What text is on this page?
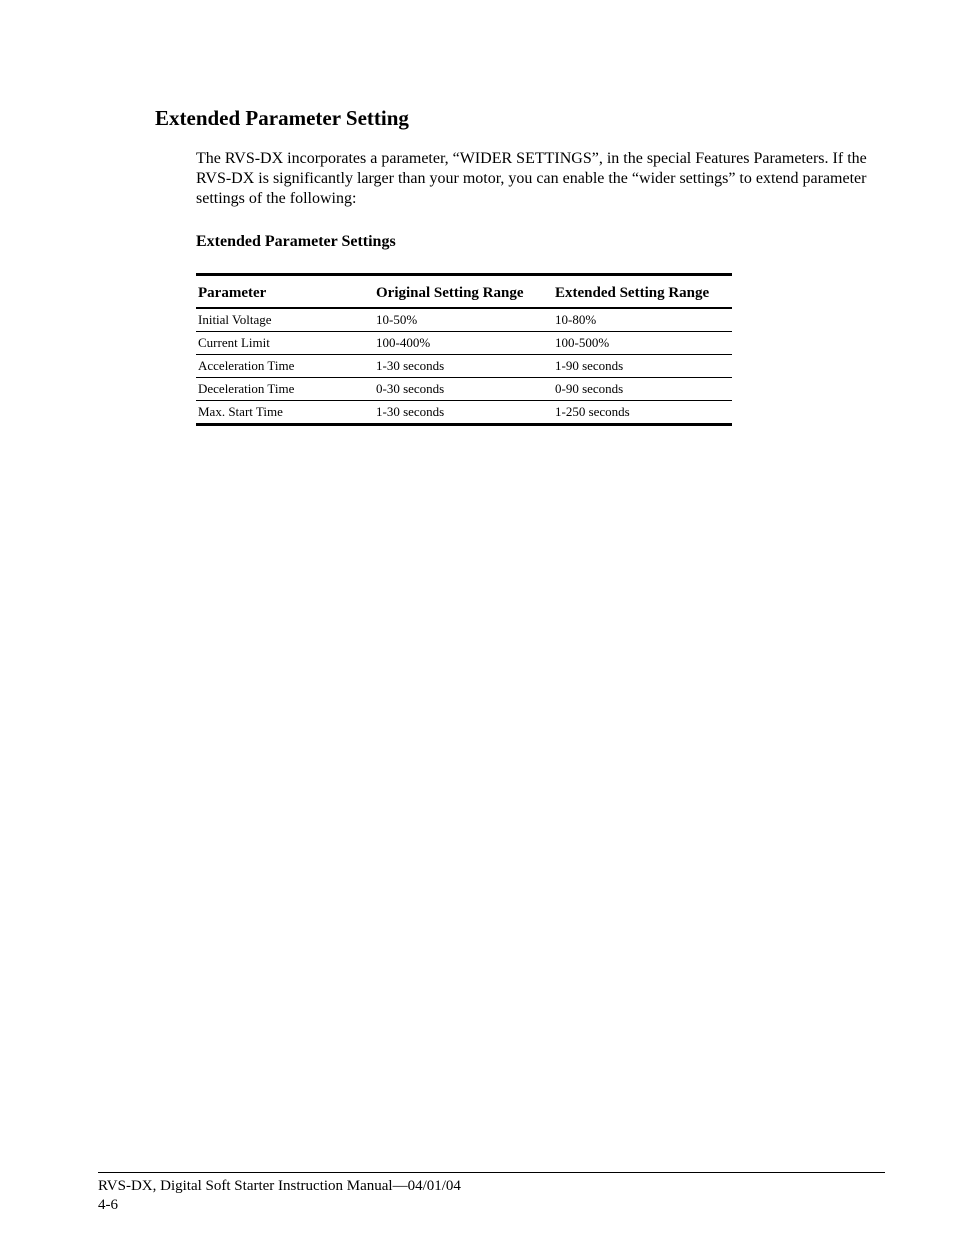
Extended Parameter Setting

The RVS-DX incorporates a parameter, “WIDER SETTINGS”, in the special Features Parameters. If the RVS-DX is significantly larger than your motor, you can enable the “wider settings” to extend parameter settings of the following:

Extended Parameter Settings

Parameter	Original Setting Range	Extended Setting Range
Initial Voltage	10-50%	10-80%
Current Limit	100-400%	100-500%
Acceleration Time	1-30 seconds	1-90 seconds
Deceleration Time	0-30 seconds	0-90 seconds
Max. Start Time	1-30 seconds	1-250 seconds

RVS-DX, Digital Soft Starter Instruction Manual—04/01/04

4-6
